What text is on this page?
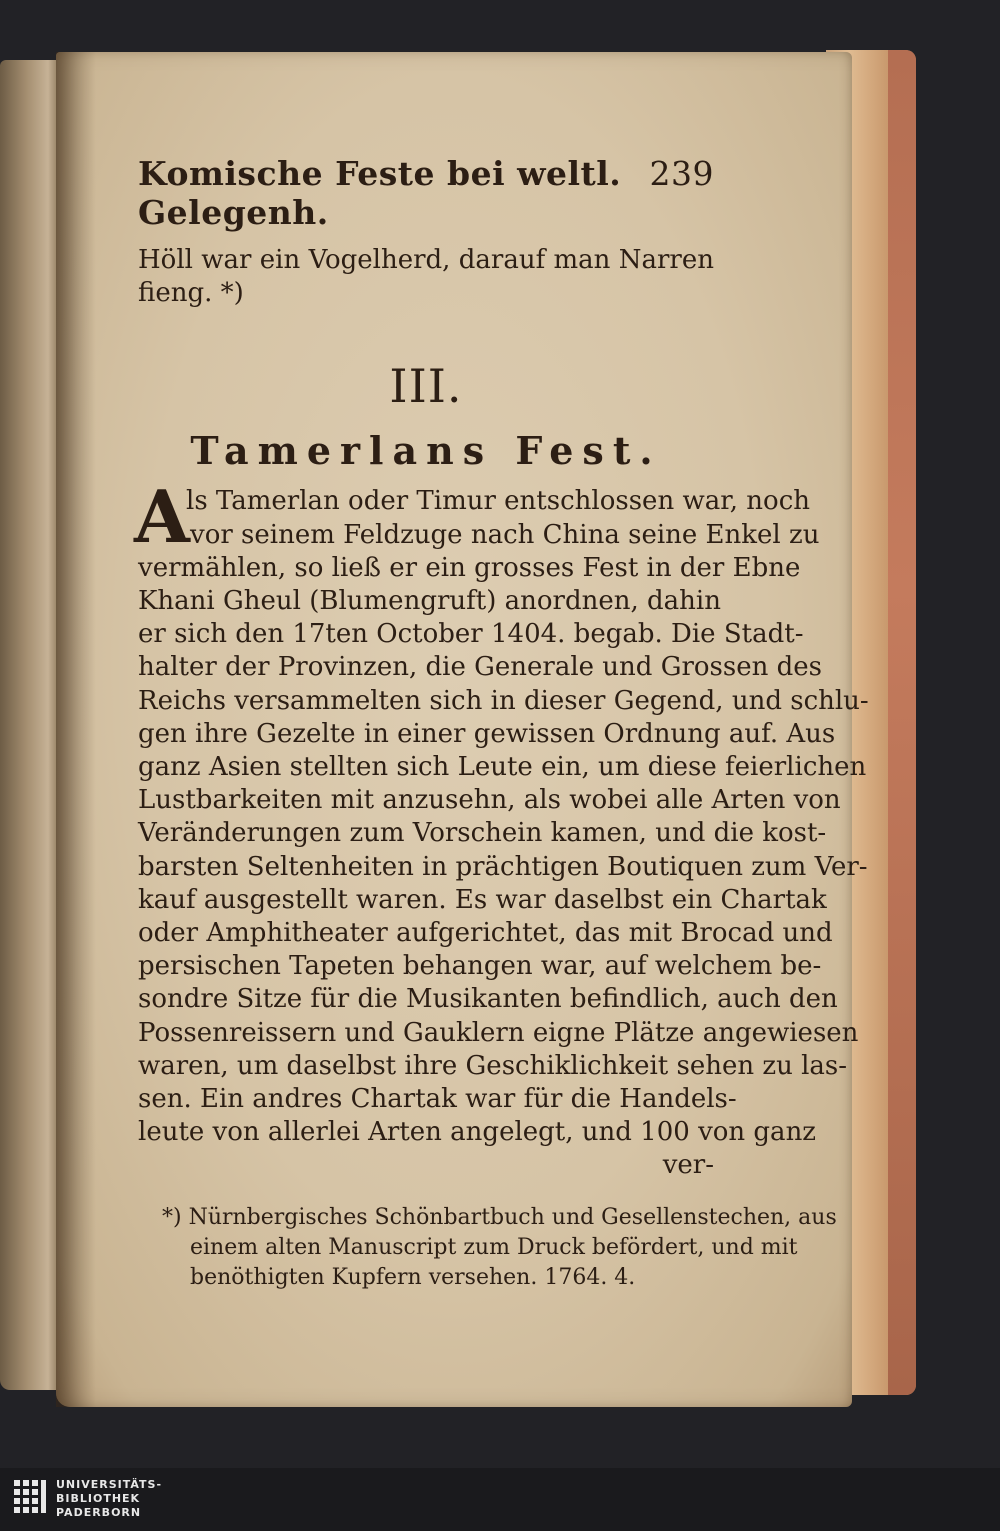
Komische Feste bei weltl. Gelegenh.
239
Höll war ein Vogelherd, darauf man Narren
fieng. *)
III.
Tamerlans Fest.
A
ls Tamerlan oder Timur entschlossen war, noch
vor seinem Feldzuge nach China seine Enkel zu
vermählen, so ließ er ein grosses Fest in der Ebne
Khani Gheul (Blumengruft) anordnen, dahin
er sich den 17ten October 1404. begab. Die Stadt-
halter der Provinzen, die Generale und Grossen des
Reichs versammelten sich in dieser Gegend, und schlu-
gen ihre Gezelte in einer gewissen Ordnung auf. Aus
ganz Asien stellten sich Leute ein, um diese feierlichen
Lustbarkeiten mit anzusehn, als wobei alle Arten von
Veränderungen zum Vorschein kamen, und die kost-
barsten Seltenheiten in prächtigen Boutiquen zum Ver-
kauf ausgestellt waren. Es war daselbst ein Chartak
oder Amphitheater aufgerichtet, das mit Brocad und
persischen Tapeten behangen war, auf welchem be-
sondre Sitze für die Musikanten befindlich, auch den
Possenreissern und Gauklern eigne Plätze angewiesen
waren, um daselbst ihre Geschiklichkeit sehen zu las-
sen. Ein andres Chartak war für die Handels-
leute von allerlei Arten angelegt, und 100 von ganz
ver-
*) Nürnbergisches Schönbartbuch und Gesellenstechen, aus
einem alten Manuscript zum Druck befördert, und mit
benöthigten Kupfern versehen. 1764. 4.
UNIVERSITÄTS-
BIBLIOTHEK
PADERBORN
